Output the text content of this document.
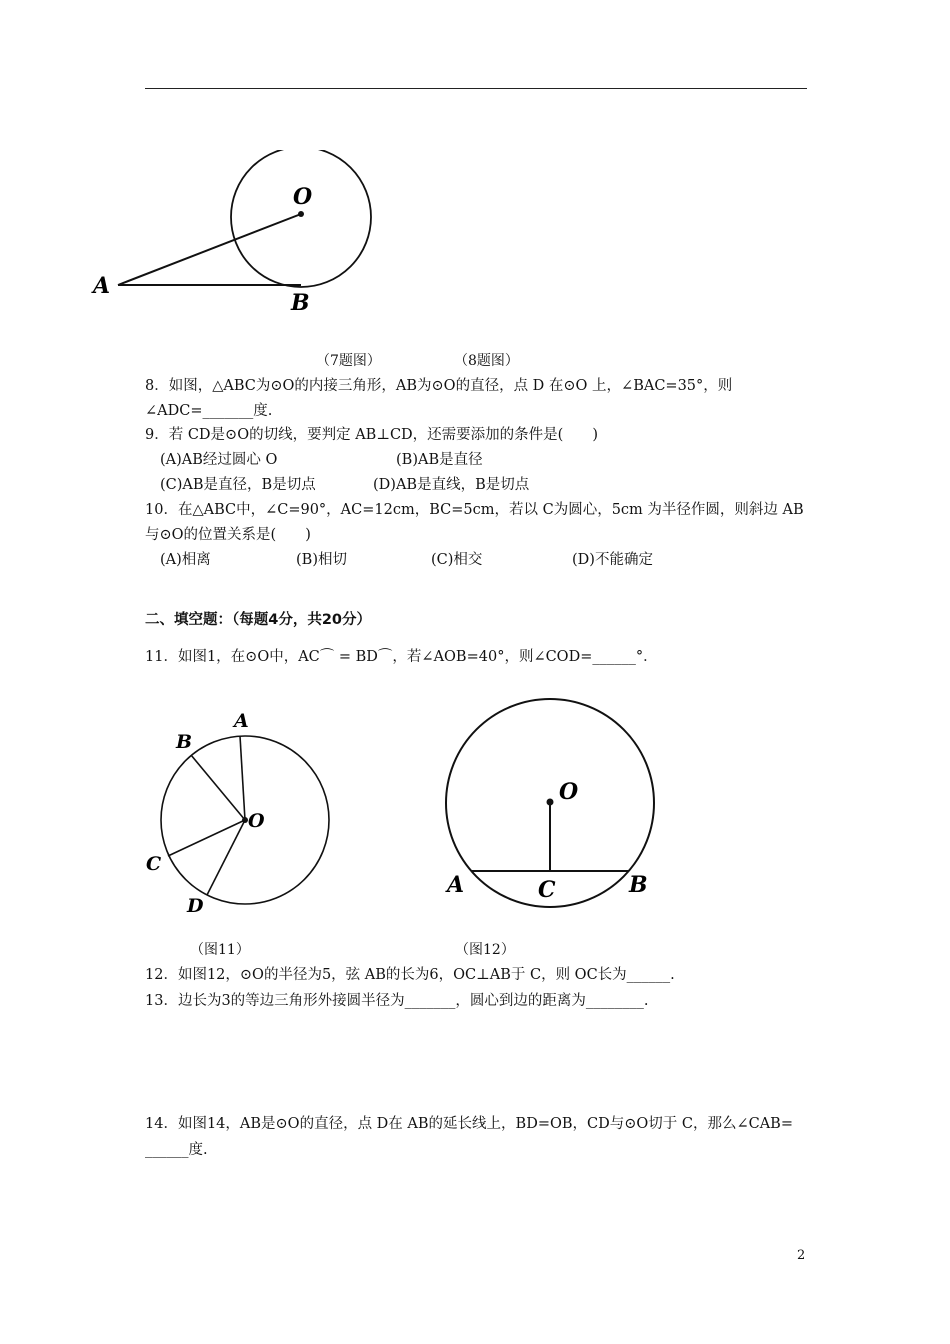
O
A
B
（7题图）	（8题图）
8．如图，△ABC为⊙O的内接三角形，AB为⊙O的直径，点 D 在⊙O 上，∠BAC=35°，则
∠ADC=_______度.
9．若 CD是⊙O的切线，要判定 AB⊥CD，还需要添加的条件是(　　)
(A)AB经过圆心 O	(B)AB是直径
(C)AB是直径，B是切点	(D)AB是直线，B是切点
10．在△ABC中，∠C=90°，AC=12cm，BC=5cm，若以 C为圆心，5cm 为半径作圆，则斜边 AB
与⊙O的位置关系是(　　)
(A)相离	(B)相切	(C)相交	(D)不能确定
二、填空题：（每题4分，共20分）
11．如图1，在⊙O中，AC⌒ = BD⌒，若∠AOB=40°，则∠COD=______°．
A
B
O
C
D
O
A	C	B
（图11）	（图12）
12．如图12，⊙O的半径为5，弦 AB的长为6，OC⊥AB于 C，则 OC长为______.
13．边长为3的等边三角形外接圆半径为_______，圆心到边的距离为________.
14．如图14，AB是⊙O的直径，点 D在 AB的延长线上，BD=OB，CD与⊙O切于 C，那么∠CAB=
______度.
2
